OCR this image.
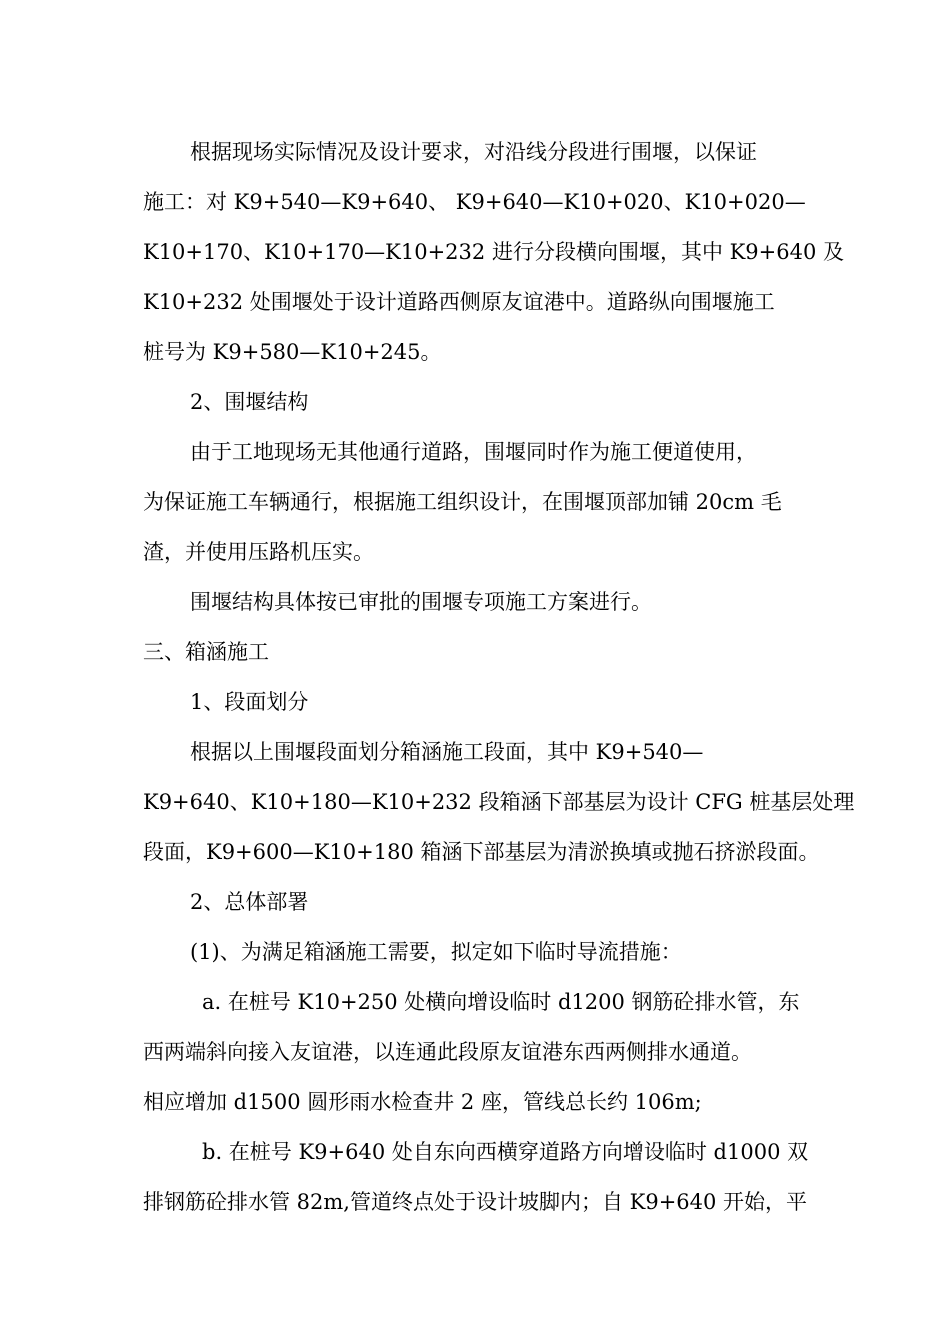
根据现场实际情况及设计要求，对沿线分段进行围堰，以保证
施工：对 K9+540—K9+640、 K9+640—K10+020、K10+020—
K10+170、K10+170—K10+232 进行分段横向围堰，其中 K9+640 及
K10+232 处围堰处于设计道路西侧原友谊港中。道路纵向围堰施工
桩号为 K9+580—K10+245。
2、围堰结构
由于工地现场无其他通行道路，围堰同时作为施工便道使用，
为保证施工车辆通行，根据施工组织设计，在围堰顶部加铺 20cm 毛
渣，并使用压路机压实。
围堰结构具体按已审批的围堰专项施工方案进行。
三、箱涵施工
1、段面划分
根据以上围堰段面划分箱涵施工段面，其中 K9+540—
K9+640、K10+180—K10+232 段箱涵下部基层为设计 CFG 桩基层处理
段面，K9+600—K10+180 箱涵下部基层为清淤换填或抛石挤淤段面。
2、总体部署
(1)、为满足箱涵施工需要，拟定如下临时导流措施：
a. 在桩号 K10+250 处横向增设临时 d1200 钢筋砼排水管，东
西两端斜向接入友谊港，以连通此段原友谊港东西两侧排水通道。
相应增加 d1500 圆形雨水检查井 2 座，管线总长约 106m;
b. 在桩号 K9+640 处自东向西横穿道路方向增设临时 d1000 双
排钢筋砼排水管 82m,管道终点处于设计坡脚内；自 K9+640 开始，平
